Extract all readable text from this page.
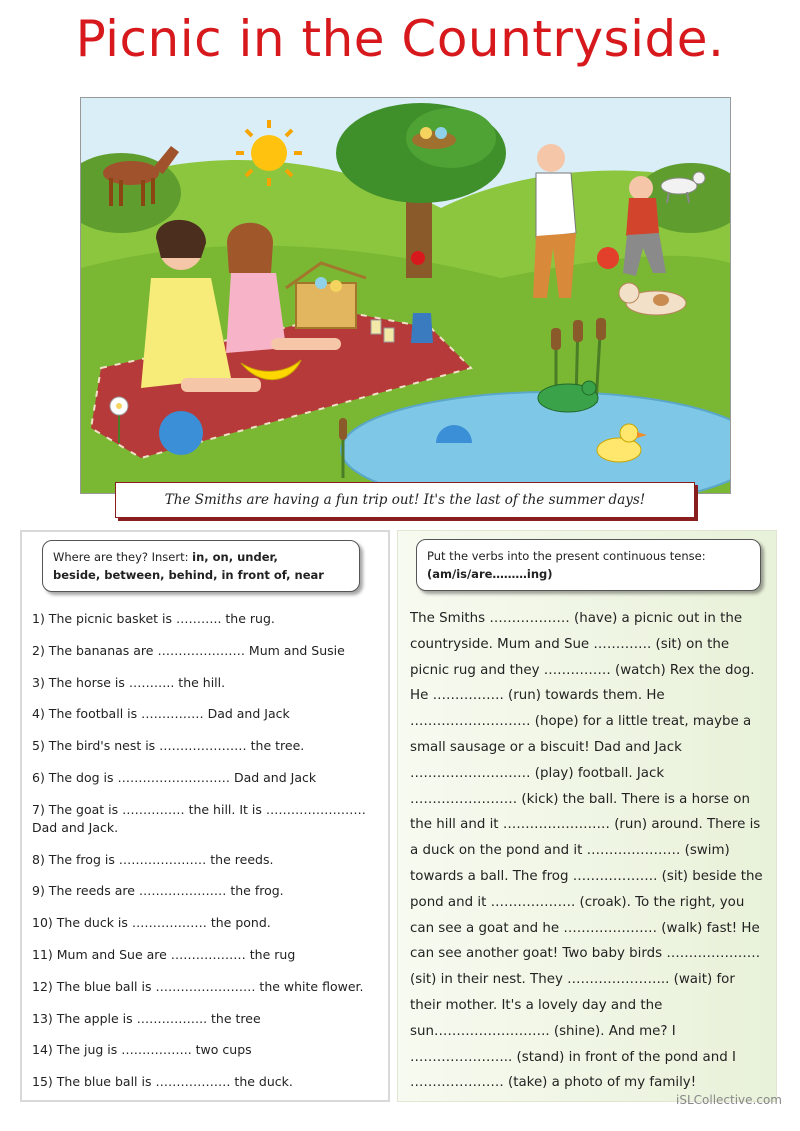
Picnic in the Countryside.
The Smiths are having a fun trip out! It's the last of the summer days!
Where are they? Insert: in, on, under,
beside, between, behind, in front of, near
1) The picnic basket is ……….. the rug.
2) The bananas are ………………… Mum and Susie
3) The horse is ……….. the hill.
4) The football is …………… Dad and Jack
5) The bird's nest is ………………… the tree.
6) The dog is ……………………… Dad and Jack
7) The goat is …………… the hill. It is …………………… Dad and Jack.
8) The frog is ………………… the reeds.
9) The reeds are ………………… the frog.
10) The duck is ……………… the pond.
11) Mum and Sue are ……………… the rug
12) The blue ball is …………………… the white flower.
13) The apple is …………….. the tree
14) The jug is …………….. two cups
15) The blue ball is ……………… the duck.
Put the verbs into the present continuous tense:
(am/is/are………ing)

The Smiths ……………… (have) a picnic out in the countryside. Mum and Sue …………. (sit) on the picnic rug and they …………… (watch) Rex the dog. He ……………. (run) towards them. He ……………………… (hope) for a little treat, maybe a small sausage or a biscuit! Dad and Jack ……………………… (play) football. Jack …………………… (kick) the ball. There is a horse on the hill and it …………………… (run) around. There is a duck on the pond and it ………………… (swim) towards a ball. The frog ………………. (sit) beside the pond and it ………………. (croak). To the right, you can see a goat and he ………………… (walk) fast! He can see another goat! Two baby birds ………………… (sit) in their nest. They ………………….. (wait) for their mother. It's a lovely day and the sun…………………….. (shine). And me? I ………………….. (stand) in front of the pond and I ………………… (take) a photo of my family!

iSLCollective.com
